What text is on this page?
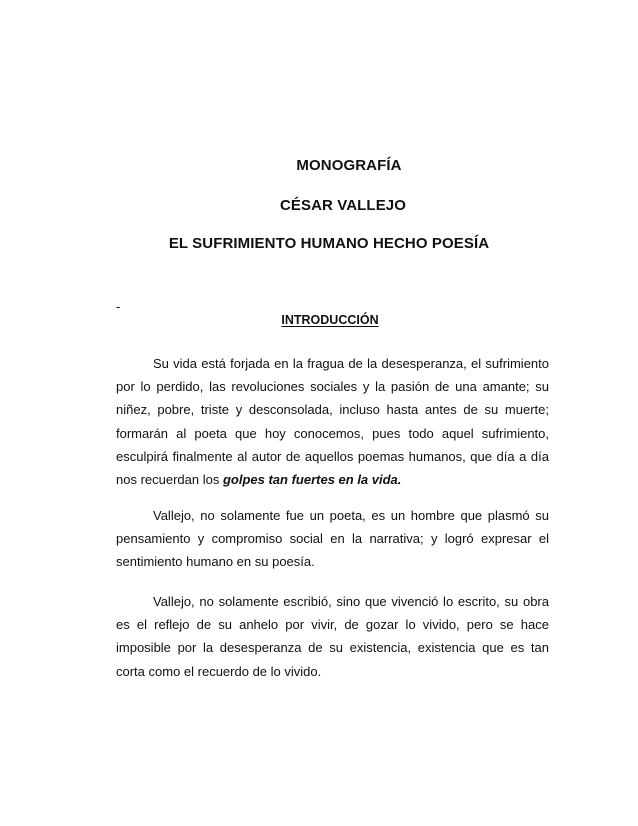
MONOGRAFÍA
CÉSAR VALLEJO
EL SUFRIMIENTO HUMANO HECHO POESÍA
-
INTRODUCCIÓN

Su vida está forjada en la fragua de la desesperanza, el sufrimiento por lo perdido, las revoluciones sociales y la pasión de una amante; su niñez, pobre, triste y desconsolada, incluso hasta antes de su muerte; formarán al poeta que hoy conocemos, pues todo aquel sufrimiento, esculpirá finalmente al autor de aquellos poemas humanos, que día a día nos recuerdan los golpes tan fuertes en la vida.

Vallejo, no solamente fue un poeta, es un hombre que plasmó su pensamiento y compromiso social en la narrativa; y logró expresar el sentimiento humano en su poesía.

Vallejo, no solamente escribió, sino que vivenció lo escrito, su obra es el reflejo de su anhelo por vivir, de gozar lo vivido, pero se hace imposible por la desesperanza de su existencia, existencia que es tan corta como el recuerdo de lo vivido.
